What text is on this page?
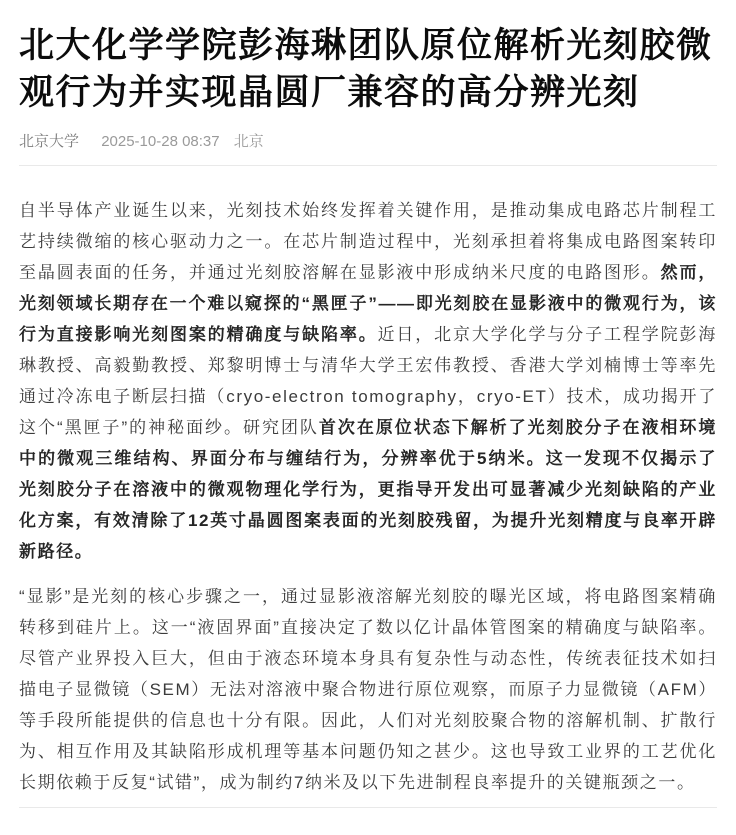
北大化学学院彭海琳团队原位解析光刻胶微观行为并实现晶圆厂兼容的高分辨光刻
北京大学 2025-10-28 08:37 北京

自半导体产业诞生以来，光刻技术始终发挥着关键作用，是推动集成电路芯片制程工艺持续微缩的核心驱动力之一。在芯片制造过程中，光刻承担着将集成电路图案转印至晶圆表面的任务，并通过光刻胶溶解在显影液中形成纳米尺度的电路图形。然而，光刻领域长期存在一个难以窥探的“黑匣子”——即光刻胶在显影液中的微观行为，该行为直接影响光刻图案的精确度与缺陷率。近日，北京大学化学与分子工程学院彭海琳教授、高毅勤教授、郑黎明博士与清华大学王宏伟教授、香港大学刘楠博士等率先通过冷冻电子断层扫描（cryo-electron tomography，cryo-ET）技术，成功揭开了这个“黑匣子”的神秘面纱。研究团队首次在原位状态下解析了光刻胶分子在液相环境中的微观三维结构、界面分布与缠结行为，分辨率优于5纳米。这一发现不仅揭示了光刻胶分子在溶液中的微观物理化学行为，更指导开发出可显著减少光刻缺陷的产业化方案，有效清除了12英寸晶圆图案表面的光刻胶残留，为提升光刻精度与良率开辟新路径。

“显影”是光刻的核心步骤之一，通过显影液溶解光刻胶的曝光区域，将电路图案精确转移到硅片上。这一“液固界面”直接决定了数以亿计晶体管图案的精确度与缺陷率。尽管产业界投入巨大，但由于液态环境本身具有复杂性与动态性，传统表征技术如扫描电子显微镜（SEM）无法对溶液中聚合物进行原位观察，而原子力显微镜（AFM）等手段所能提供的信息也十分有限。因此，人们对光刻胶聚合物的溶解机制、扩散行为、相互作用及其缺陷形成机理等基本问题仍知之甚少。这也导致工业界的工艺优化长期依赖于反复“试错”，成为制约7纳米及以下先进制程良率提升的关键瓶颈之一。
